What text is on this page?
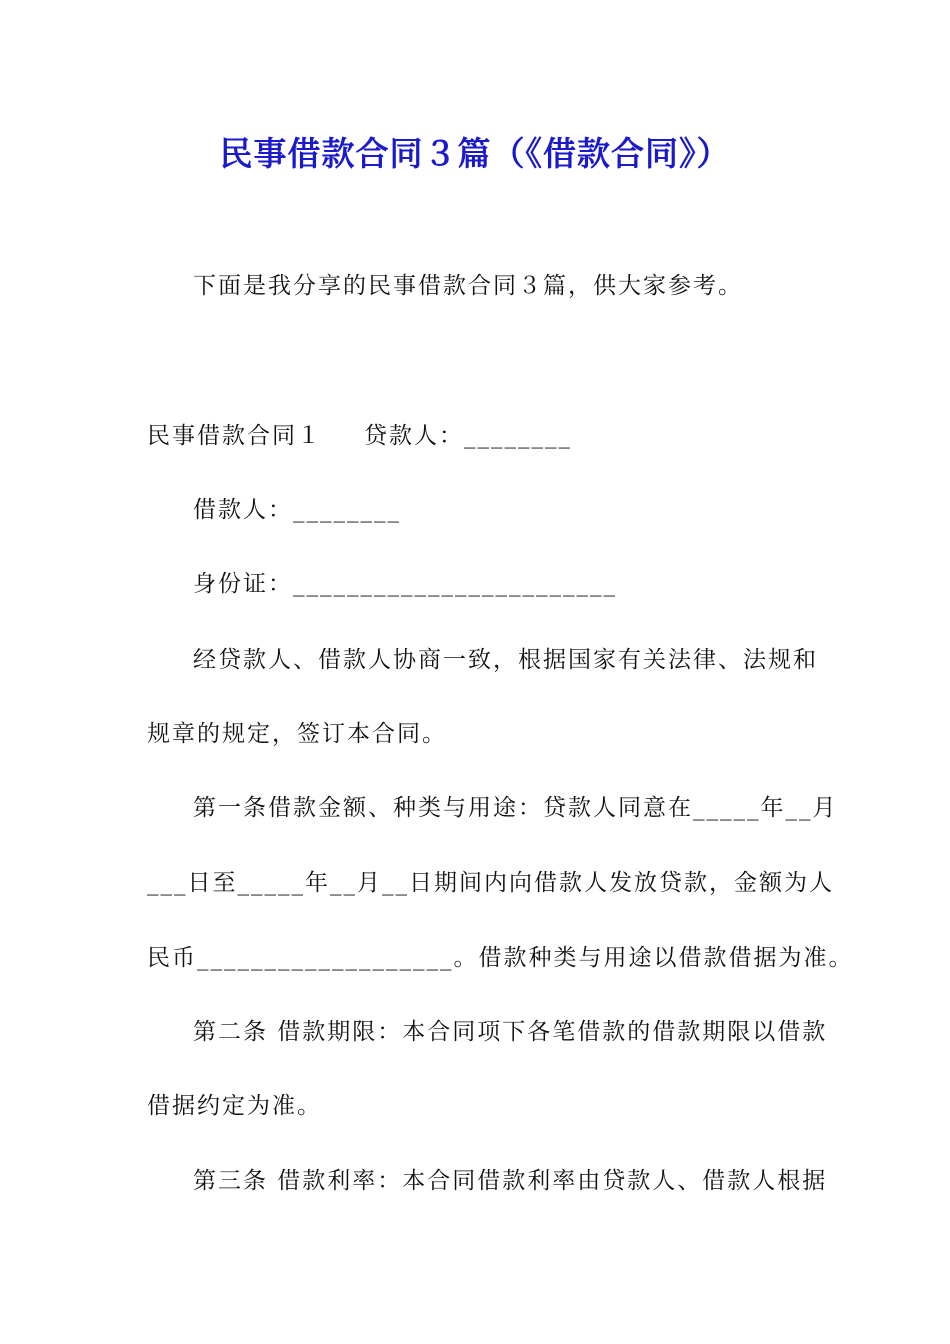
民事借款合同３篇（《借款合同》）
下面是我分享的民事借款合同３篇，供大家参考。
民事借款合同１ 贷款人：________
借款人：________
身份证：________________________
经贷款人、借款人协商一致，根据国家有关法律、法规和
规章的规定，签订本合同。
第一条借款金额、种类与用途：贷款人同意在_____年__月
___日至_____年__月__日期间内向借款人发放贷款，金额为人
民币___________________。借款种类与用途以借款借据为准。
第二条 借款期限：本合同项下各笔借款的借款期限以借款
借据约定为准。
第三条 借款利率：本合同借款利率由贷款人、借款人根据
